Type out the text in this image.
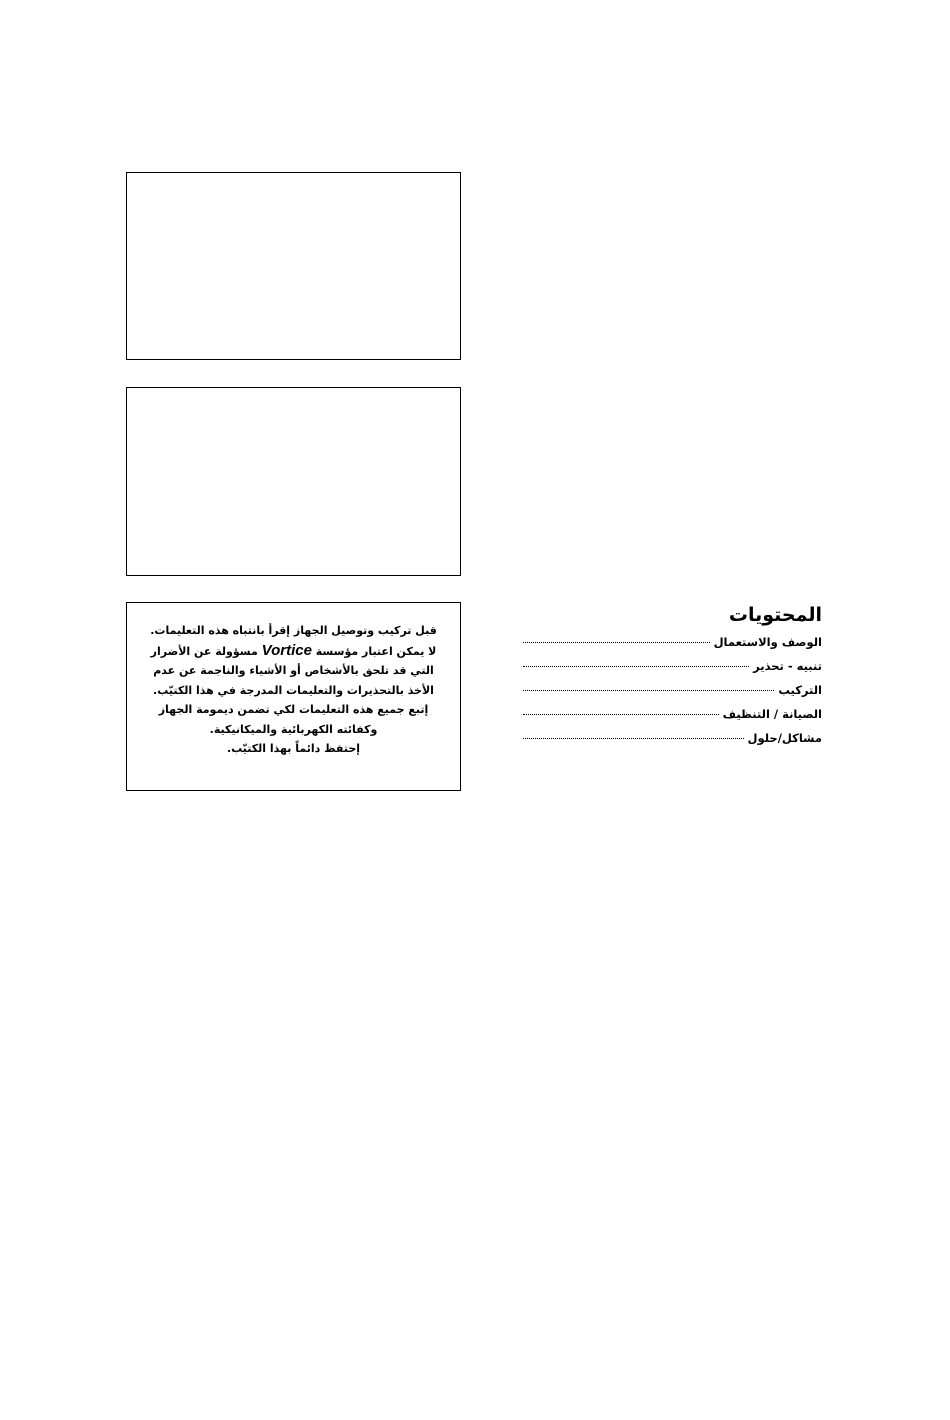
قبل تركيب وتوصيل الجهاز إقرأ بانتباه هذه التعليمات.

لا يمكن اعتبار مؤسسة Vortice مسؤولة عن الأضرار التي قد تلحق بالأشخاص أو الأشياء والناجمة عن عدم الأخذ بالتحذيرات والتعليمات المدرجة في هذا الكتيّب.

إتبع جميع هذه التعليمات لكي تضمن ديمومة الجهاز وكفائته الكهربائية والميكانيكية.

إحتفظ دائماً بهذا الكتيّب.

المحتويات
الوصف والاستعمال
تنبيه - تحذير
التركيب
الصيانة / التنظيف
مشاكل/حلول
